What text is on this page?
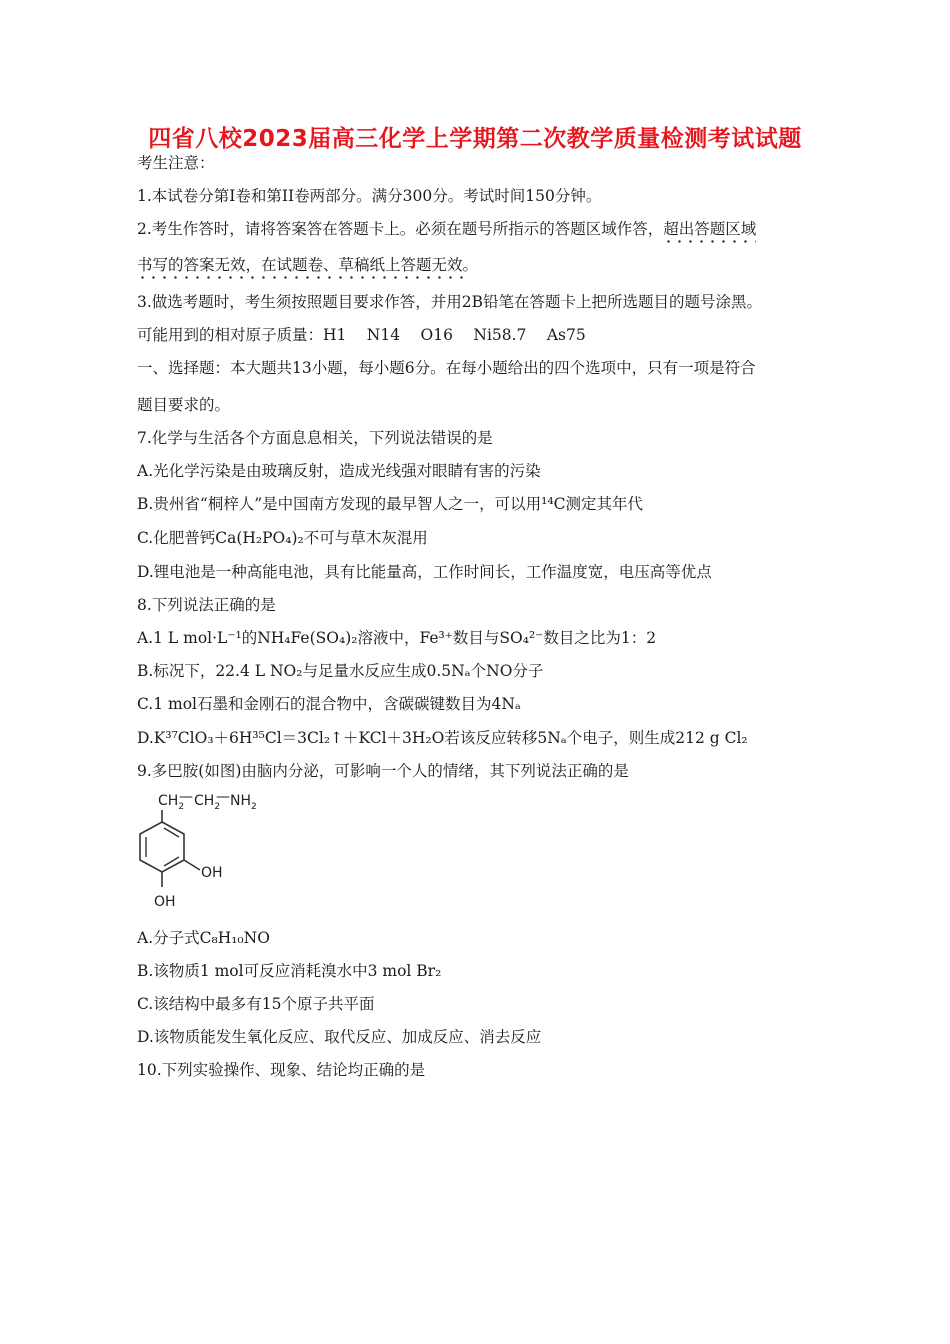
四省八校2023届高三化学上学期第二次教学质量检测考试试题
考生注意：
1.本试卷分第Ⅰ卷和第II卷两部分。满分300分。考试时间150分钟。
2.考生作答时，请将答案答在答题卡上。必须在题号所指示的答题区域作答，超出答题区域
书写的答案无效，在试题卷、草稿纸上答题无效。
3.做选考题时，考生须按照题目要求作答，并用2B铅笔在答题卡上把所选题目的题号涂黑。
可能用到的相对原子质量：H1　 N14　 O16　 Ni58.7　 As75
一、选择题：本大题共13小题，每小题6分。在每小题给出的四个选项中，只有一项是符合
题目要求的。
7.化学与生活各个方面息息相关，下列说法错误的是
A.光化学污染是由玻璃反射，造成光线强对眼睛有害的污染
B.贵州省“桐梓人”是中国南方发现的最早智人之一，可以用¹⁴C测定其年代
C.化肥普钙Ca(H₂PO₄)₂不可与草木灰混用
D.锂电池是一种高能电池，具有比能量高，工作时间长，工作温度宽，电压高等优点
8.下列说法正确的是
A.1 L mol·L⁻¹的NH₄Fe(SO₄)₂溶液中，Fe³⁺数目与SO₄²⁻数目之比为1：2
B.标况下，22.4 L NO₂与足量水反应生成0.5Nₐ个NO分子
C.1 mol石墨和金刚石的混合物中，含碳碳键数目为4Nₐ
D.K³⁷ClO₃＋6H³⁵Cl＝3Cl₂↑＋KCl＋3H₂O若该反应转移5Nₐ个电子，则生成212 g Cl₂
9.多巴胺(如图)由脑内分泌，可影响一个人的情绪，其下列说法正确的是
$CH_2$
— $CH_2$
— $NH_2$
OH
OH
A.分子式C₈H₁₀NO
B.该物质1 mol可反应消耗溴水中3 mol Br₂
C.该结构中最多有15个原子共平面
D.该物质能发生氧化反应、取代反应、加成反应、消去反应
10.下列实验操作、现象、结论均正确的是
